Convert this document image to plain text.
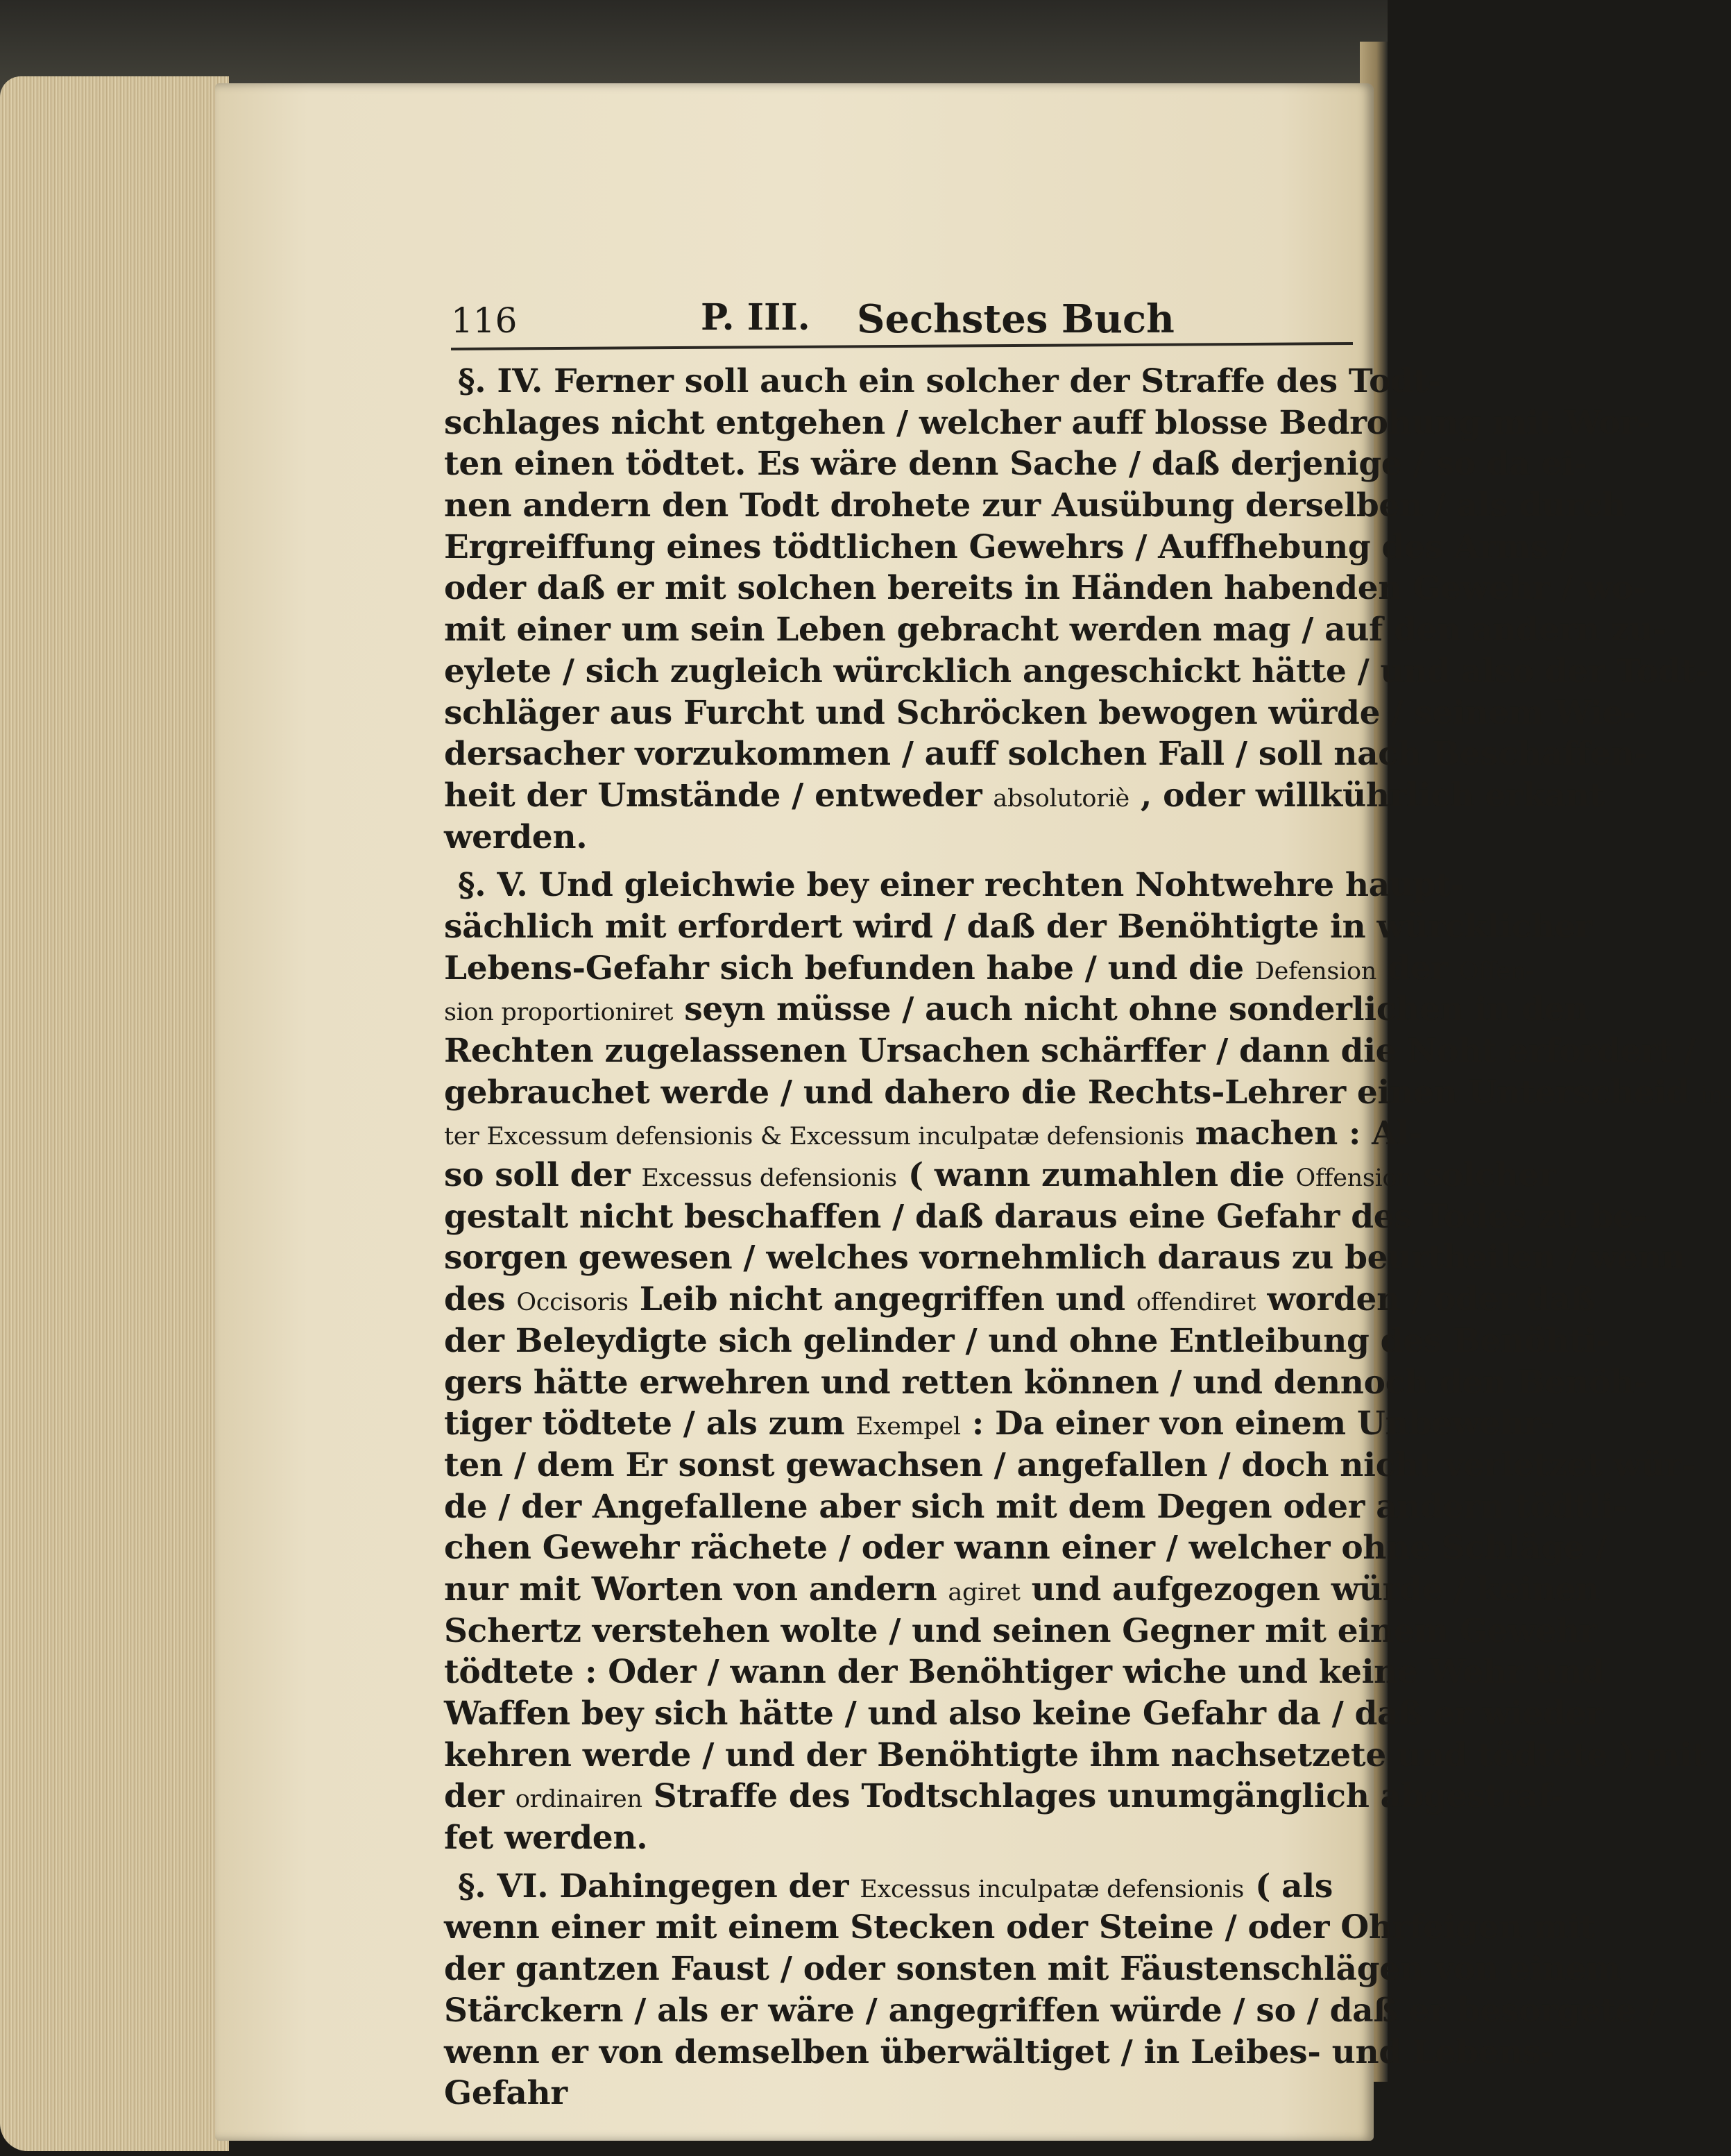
116	P. III. Sechstes Buch
§. IV. Ferner soll auch ein solcher der Straffe des Todt-
schlages nicht entgehen / welcher auff blosse Bedrohung mit Wor-
ten einen tödtet. Es wäre denn Sache / daß derjenige / so da ei-
nen andern den Todt drohete zur Ausübung derselben / als durch
Ergreiffung eines tödtlichen Gewehrs / Auffhebung des Arms /
oder daß er mit solchen bereits in Händen habenden Gewehr / wo-
mit einer um sein Leben gebracht werden mag / auf den andern zu-
eylete / sich zugleich würcklich angeschickt hätte / und also der Todt-
schläger aus Furcht und Schröcken bewogen würde / seinem Wie-
dersacher vorzukommen / auff solchen Fall / soll nach Beschaffen-
heit der Umstände / entweder absolutoriè , oder willkührlich erkant
werden.
§. V. Und gleichwie bey einer rechten Nohtwehre haupt-
sächlich mit erfordert wird / daß der Benöhtigte in würcklicher
Lebens-Gefahr sich befunden habe / und die Defension der Offen-
sion proportioniret seyn müsse / auch nicht ohne sonderlichen in den
Rechten zugelassenen Ursachen schärffer / dann die Noht erfordert /
gebrauchet werde / und dahero die Rechts-Lehrer einen Unterscheid in-
ter Excessum defensionis & Excessum inculpatæ defensionis machen : Al-
so soll der Excessus defensionis ( wann zumahlen die Offension solcher
gestalt nicht beschaffen / daß daraus eine Gefahr des Todes zu be-
sorgen gewesen / welches vornehmlich daraus zu beurtheilen / wenn
des Occisoris Leib nicht angegriffen und offendiret worden / oder daß
der Beleydigte sich gelinder / und ohne Entleibung des Benöhti-
gers hätte erwehren und retten können / und dennoch den Benöh-
tiger tödtete / als zum Exempel : Da einer von einem Unbewehr-
ten / dem Er sonst gewachsen / angefallen / doch nicht verletzet wür-
de / der Angefallene aber sich mit dem Degen oder andern tödtli-
chen Gewehr rächete / oder wann einer / welcher ohne Schläge /
nur mit Worten von andern agiret und aufgezogen würde / keinen
Schertz verstehen wolte / und seinen Gegner mit einem Gewehr
tödtete : Oder / wann der Benöhtiger wiche und keine Wehr und
Waffen bey sich hätte / und also keine Gefahr da / daß er wieder
kehren werde / und der Benöhtigte ihm nachsetzete und tödtete ) mit
der ordinairen Straffe des Todtschlages unumgänglich abgestraf-
fet werden.
§. VI. Dahingegen der Excessus inculpatæ defensionis ( als
wenn einer mit einem Stecken oder Steine / oder Ohrfeigen mit
der gantzen Faust / oder sonsten mit Fäustenschlägen von einem
Stärckern / als er wäre / angegriffen würde / so / daß er besorgete /
wenn er von demselben überwältiget / in Leibes- und Lebens-
Gefahr
